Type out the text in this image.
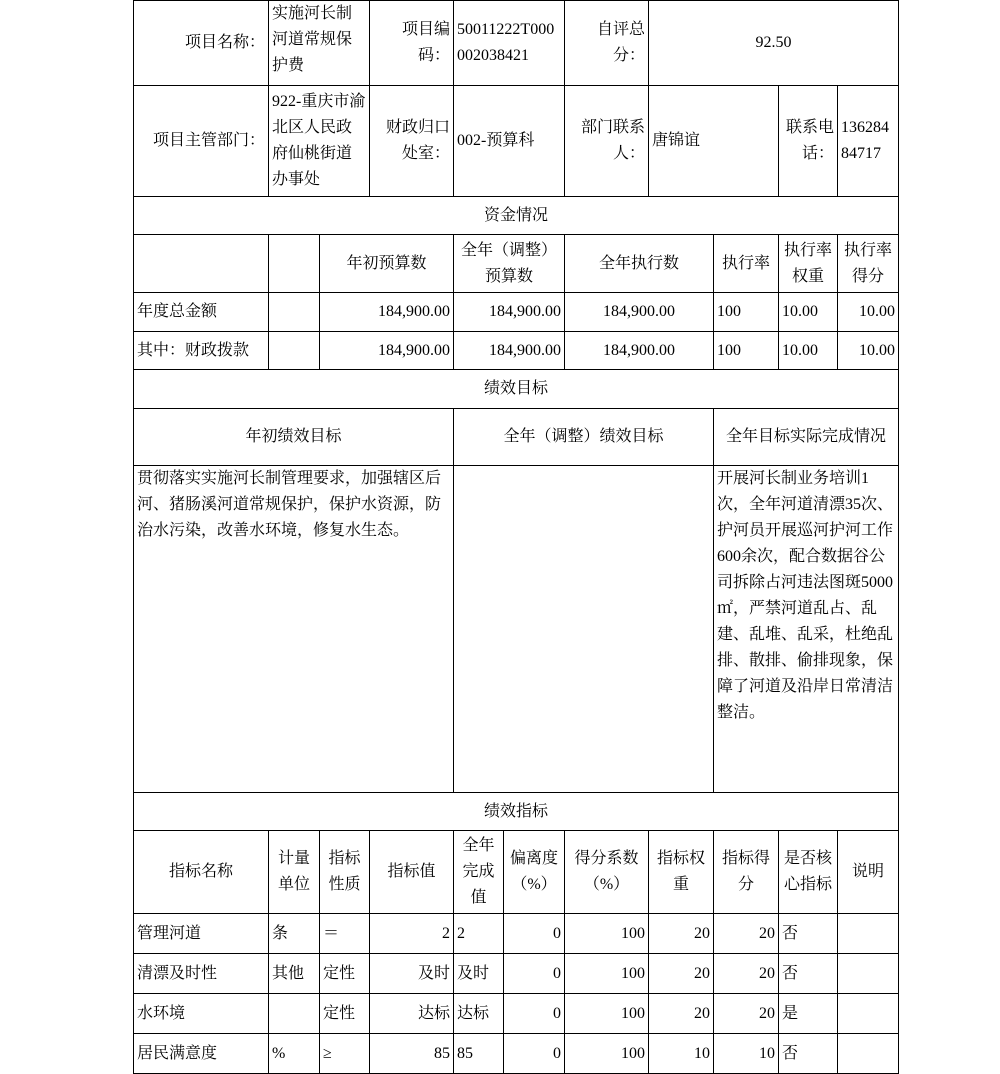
项目名称：	实施河长制河道常规保护费		项目编码：	50011222T000002038421		自评总分：	92.50			
项目主管部门：	922-重庆市渝北区人民政府仙桃街道办事处		财政归口处室：	002-预算科		部门联系人：	唐锦谊		联系电话：	13628484717
资金情况										
		年初预算数		全年（调整）预算数		全年执行数		执行率	执行率权重	执行率得分
年度总金额		184,900.00		184,900.00		184,900.00		100	10.00	10.00
其中：财政拨款		184,900.00		184,900.00		184,900.00		100	10.00	10.00
绩效目标										
年初绩效目标				全年（调整）绩效目标				全年目标实际完成情况		
贯彻落实实施河长制管理要求，加强辖区后河、猪肠溪河道常规保护，保护水资源，防治水污染，改善水环境，修复水生态。								开展河长制业务培训1次，全年河道清漂35次、护河员开展巡河护河工作600余次，配合数据谷公司拆除占河违法图斑5000㎡，严禁河道乱占、乱建、乱堆、乱采，杜绝乱排、散排、偷排现象，保障了河道及沿岸日常清洁整洁。		
绩效指标										
指标名称	计量单位	指标性质	指标值	全年完成值	偏离度（%）	得分系数（%）	指标权重	指标得分	是否核心指标	说明
管理河道	条	＝	2	2	0	100	20	20	否	
清漂及时性	其他	定性	及时	及时	0	100	20	20	否	
水环境		定性	达标	达标	0	100	20	20	是	
居民满意度	%	≥	85	85	0	100	10	10	否	
